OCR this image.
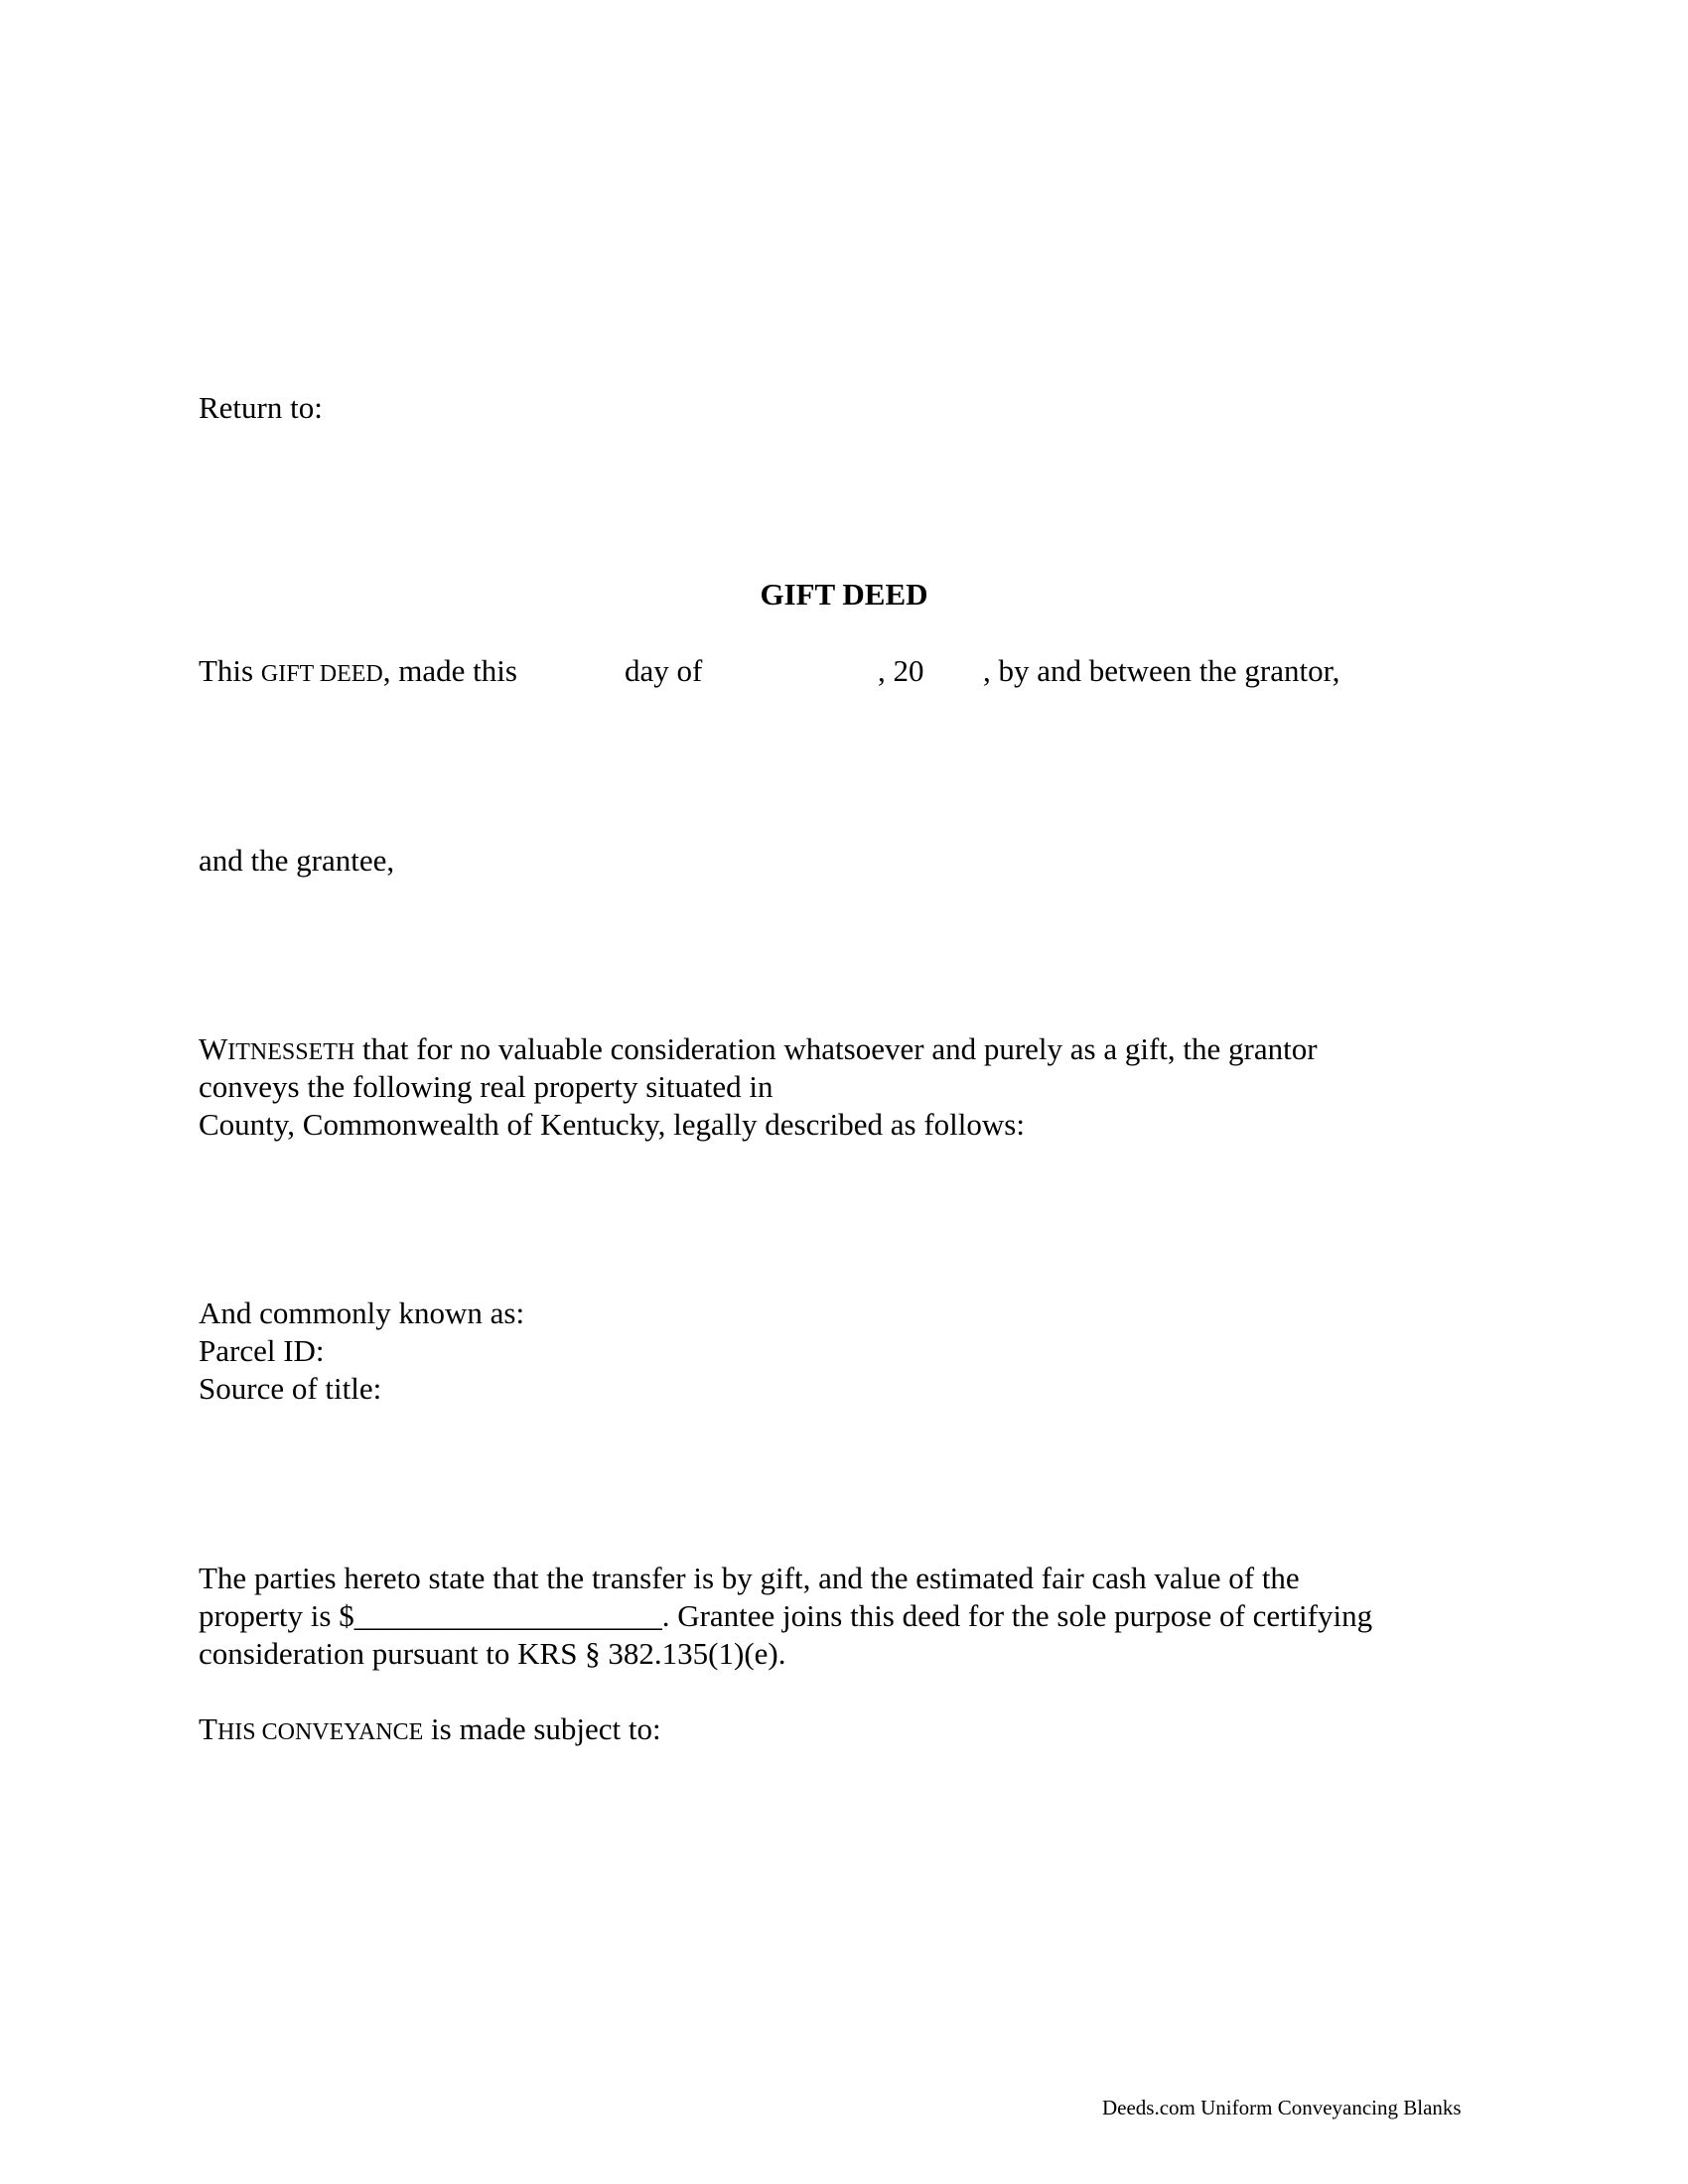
Return to:
GIFT DEED
This GIFT DEED, made this	day of	, 20 , by and between the grantor,
and the grantee,
WITNESSETH that for no valuable consideration whatsoever and purely as a gift, the grantor
conveys the following real property situated in
County, Commonwealth of Kentucky, legally described as follows:
And commonly known as:
Parcel ID:
Source of title:
The parties hereto state that the transfer is by gift, and the estimated fair cash value of the
property is $____________________. Grantee joins this deed for the sole purpose of certifying
consideration pursuant to KRS § 382.135(1)(e).
THIS CONVEYANCE is made subject to:
Deeds.com Uniform Conveyancing Blanks
